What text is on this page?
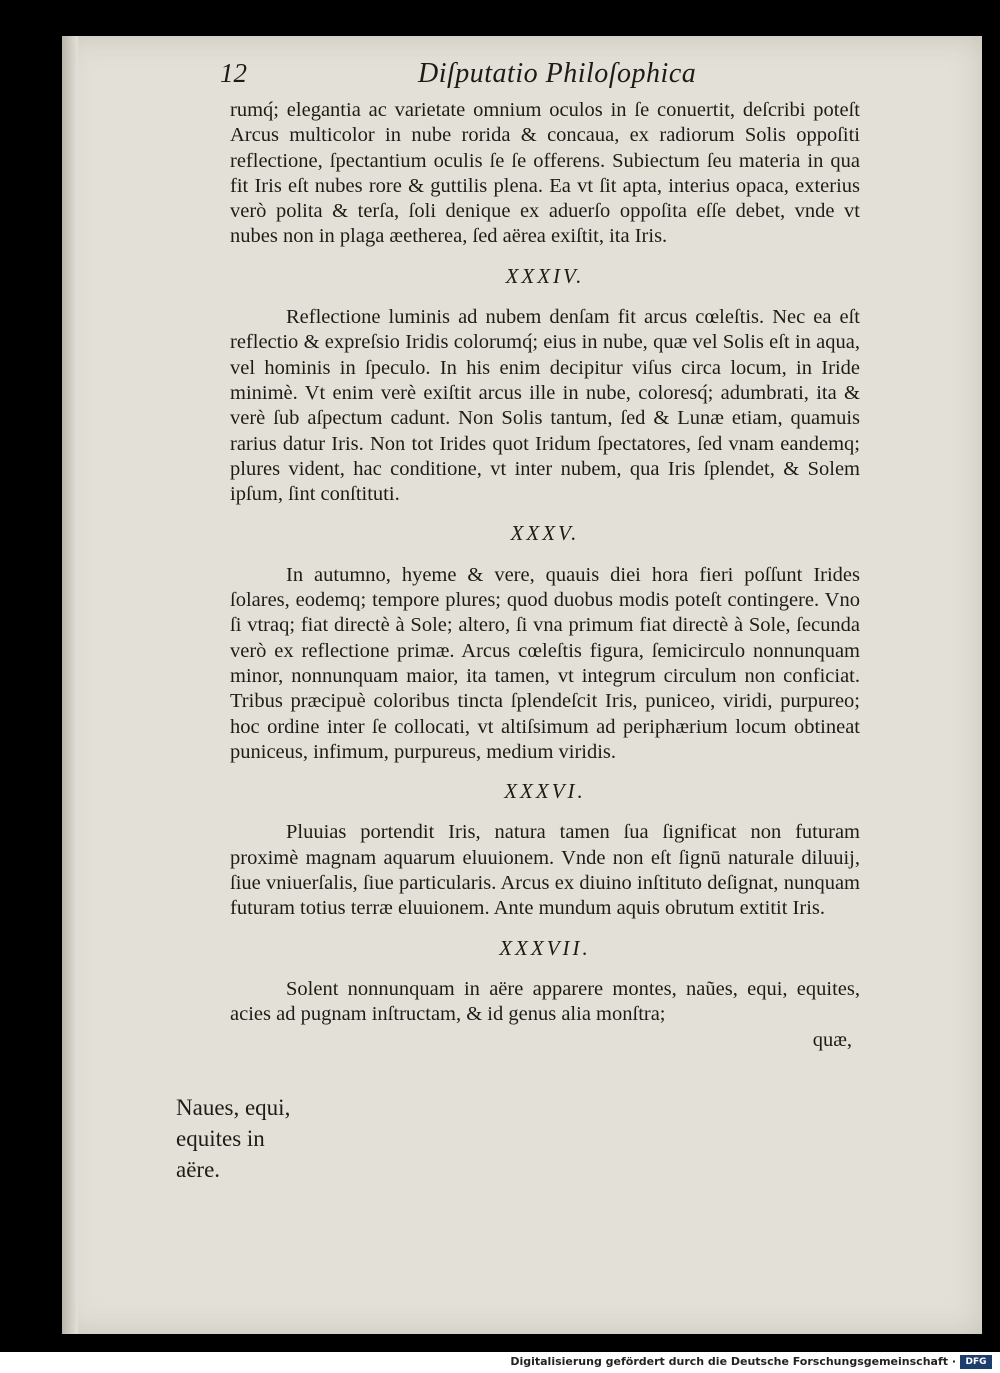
12	Diſputatio Philoſophica

rumq́; elegantia ac varietate omnium oculos in ſe conuertit, deſcribi poteſt Arcus multicolor in nube rorida & concaua, ex radiorum Solis oppoſiti reflectione, ſpectantium oculis ſe ſe offerens. Subiectum ſeu materia in qua fit Iris eſt nubes rore & guttilis plena. Ea vt ſit apta, interius opaca, exterius verò polita & terſa, ſoli denique ex aduerſo oppoſita eſſe debet, vnde vt nubes non in plaga æetherea, ſed aërea exiſtit, ita Iris.

XXXIV.

Reflectione luminis ad nubem denſam fit arcus cœleſtis. Nec ea eſt reflectio & expreſsio Iridis colorumq́; eius in nube, quæ vel Solis eſt in aqua, vel hominis in ſpeculo. In his enim decipitur viſus circa locum, in Iride minimè. Vt enim verè exiſtit arcus ille in nube, coloresq́; adumbrati, ita & verè ſub aſpectum cadunt. Non Solis tantum, ſed & Lunæ etiam, quamuis rarius datur Iris. Non tot Irides quot Iridum ſpectatores, ſed vnam eandemq; plures vident, hac conditione, vt inter nubem, qua Iris ſplendet, & Solem ipſum, ſint conſtituti.

XXXV.

In autumno, hyeme & vere, quauis diei hora fieri poſſunt Irides ſolares, eodemq; tempore plures; quod duobus modis poteſt contingere. Vno ſi vtraq; fiat directè à Sole; altero, ſi vna primum fiat directè à Sole, ſecunda verò ex reflectione primæ. Arcus cœleſtis figura, ſemicirculo nonnunquam minor, nonnunquam maior, ita tamen, vt integrum circulum non conficiat. Tribus præcipuè coloribus tincta ſplendeſcit Iris, puniceo, viridi, purpureo; hoc ordine inter ſe collocati, vt altiſsimum ad periphærium locum obtineat puniceus, infimum, purpureus, medium viridis.

XXXVI.

Pluuias portendit Iris, natura tamen ſua ſignificat non futuram proximè magnam aquarum eluuionem. Vnde non eſt ſignū naturale diluuij, ſiue vniuerſalis, ſiue particularis. Arcus ex diuino inſtituto deſignat, nunquam futuram totius terræ eluuionem. Ante mundum aquis obrutum extitit Iris.

XXXVII.

Solent nonnunquam in aëre apparere montes, naũes, equi, equites, acies ad pugnam inſtructam, & id genus alia monſtra;

quæ,

Naues, equi, equites in aëre.
Digitalisierung gefördert durch die Deutsche Forschungsgemeinschaft ·	DFG
